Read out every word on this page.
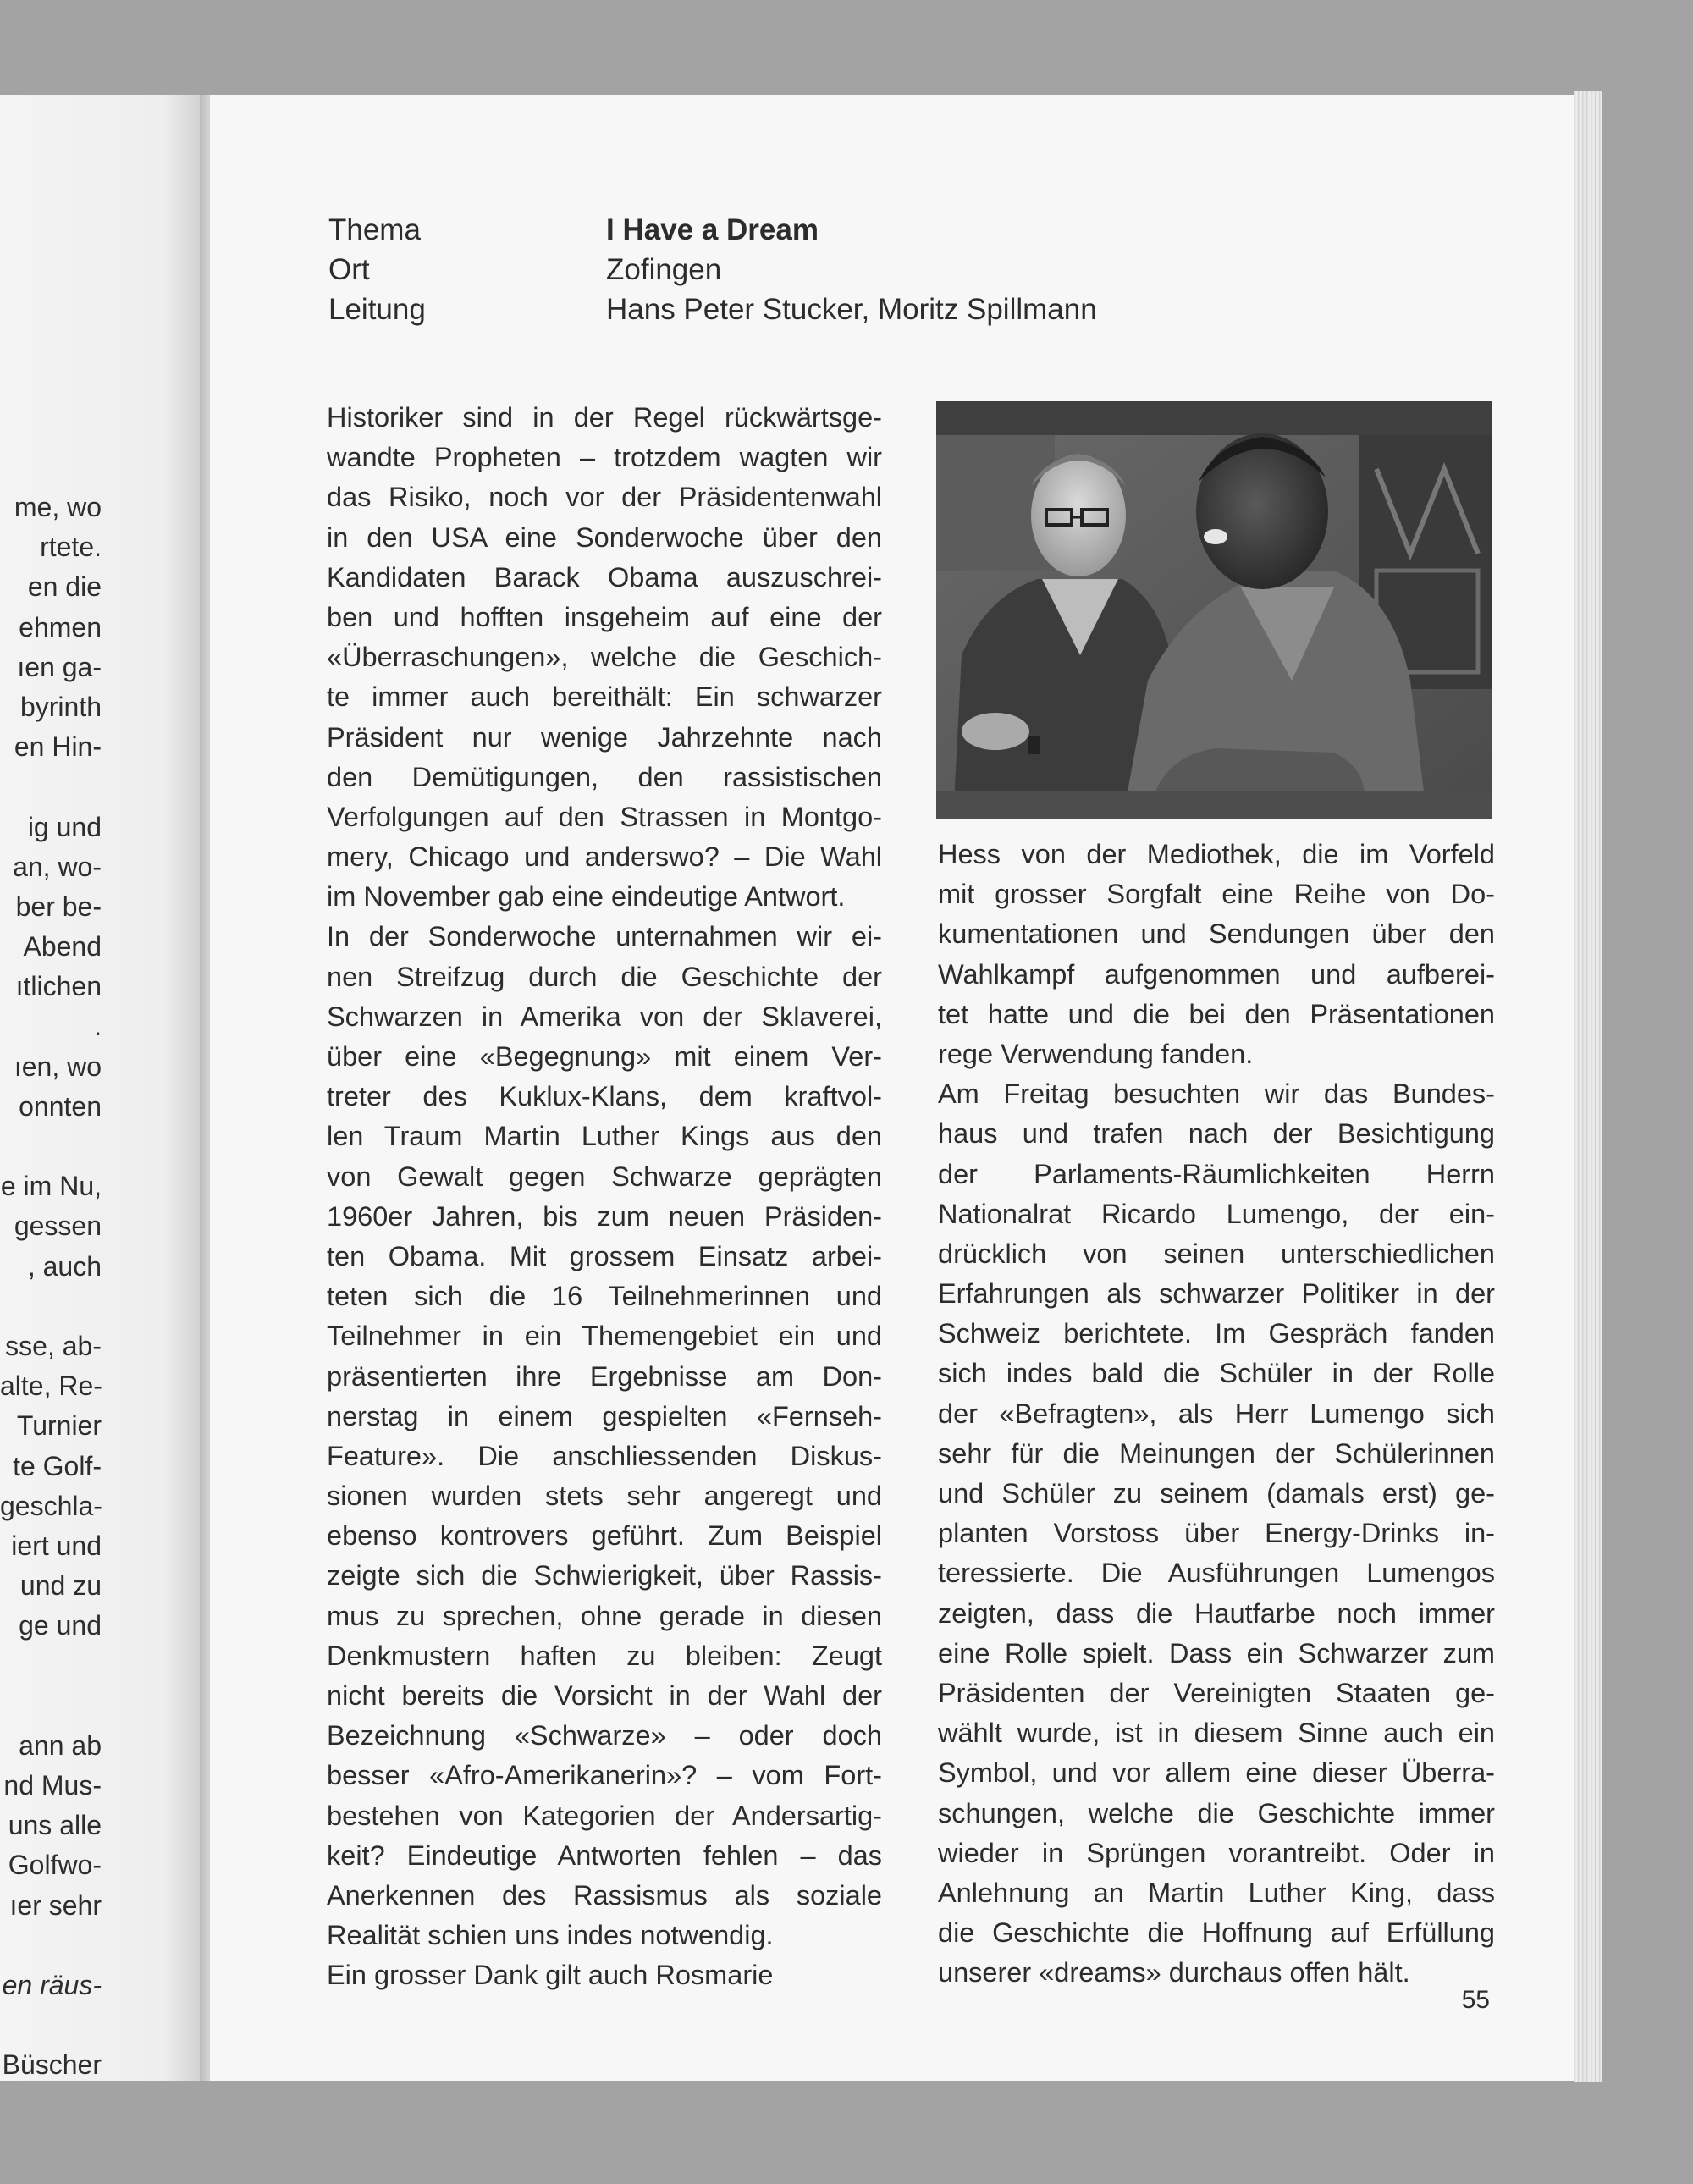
me, wo
rtete.
en die
ehmen
ıen ga-
byrinth
en Hin-
ig und
an, wo-
ber be-
Abend
ıtlichen
.
ıen, wo
onnten
e im Nu,
gessen
, auch
sse, ab-
alte, Re-
Turnier
te Golf-
geschla-
iert und
und zu
ge und
ann ab
nd Mus-
uns alle
Golfwo-
ıer sehr
en räus-
Büscher
Thema	I Have a Dream
Ort	Zofingen
Leitung	Hans Peter Stucker, Moritz Spillmann
Historiker sind in der Regel rückwärtsge-
wandte Propheten – trotzdem wagten wir
das Risiko, noch vor der Präsidentenwahl
in den USA eine Sonderwoche über den
Kandidaten Barack Obama auszuschrei-
ben und hofften insgeheim auf eine der
«Überraschungen», welche die Geschich-
te immer auch bereithält: Ein schwarzer
Präsident nur wenige Jahrzehnte nach
den Demütigungen, den rassistischen
Verfolgungen auf den Strassen in Montgo-
mery, Chicago und anderswo? – Die Wahl
im November gab eine eindeutige Antwort.
In der Sonderwoche unternahmen wir ei-
nen Streifzug durch die Geschichte der
Schwarzen in Amerika von der Sklaverei,
über eine «Begegnung» mit einem Ver-
treter des Kuklux-Klans, dem kraftvol-
len Traum Martin Luther Kings aus den
von Gewalt gegen Schwarze geprägten
1960er Jahren, bis zum neuen Präsiden-
ten Obama. Mit grossem Einsatz arbei-
teten sich die 16 Teilnehmerinnen und
Teilnehmer in ein Themengebiet ein und
präsentierten ihre Ergebnisse am Don-
nerstag in einem gespielten «Fernseh-
Feature». Die anschliessenden Diskus-
sionen wurden stets sehr angeregt und
ebenso kontrovers geführt. Zum Beispiel
zeigte sich die Schwierigkeit, über Rassis-
mus zu sprechen, ohne gerade in diesen
Denkmustern haften zu bleiben: Zeugt
nicht bereits die Vorsicht in der Wahl der
Bezeichnung «Schwarze» – oder doch
besser «Afro-Amerikanerin»? – vom Fort-
bestehen von Kategorien der Andersartig-
keit? Eindeutige Antworten fehlen – das
Anerkennen des Rassismus als soziale
Realität schien uns indes notwendig.
Ein grosser Dank gilt auch Rosmarie
Hess von der Mediothek, die im Vorfeld
mit grosser Sorgfalt eine Reihe von Do-
kumentationen und Sendungen über den
Wahlkampf aufgenommen und aufberei-
tet hatte und die bei den Präsentationen
rege Verwendung fanden.
Am Freitag besuchten wir das Bundes-
haus und trafen nach der Besichtigung
der Parlaments-Räumlichkeiten Herrn
Nationalrat Ricardo Lumengo, der ein-
drücklich von seinen unterschiedlichen
Erfahrungen als schwarzer Politiker in der
Schweiz berichtete. Im Gespräch fanden
sich indes bald die Schüler in der Rolle
der «Befragten», als Herr Lumengo sich
sehr für die Meinungen der Schülerinnen
und Schüler zu seinem (damals erst) ge-
planten Vorstoss über Energy-Drinks in-
teressierte. Die Ausführungen Lumengos
zeigten, dass die Hautfarbe noch immer
eine Rolle spielt. Dass ein Schwarzer zum
Präsidenten der Vereinigten Staaten ge-
wählt wurde, ist in diesem Sinne auch ein
Symbol, und vor allem eine dieser Überra-
schungen, welche die Geschichte immer
wieder in Sprüngen vorantreibt. Oder in
Anlehnung an Martin Luther King, dass
die Geschichte die Hoffnung auf Erfüllung
unserer «dreams» durchaus offen hält.
55
